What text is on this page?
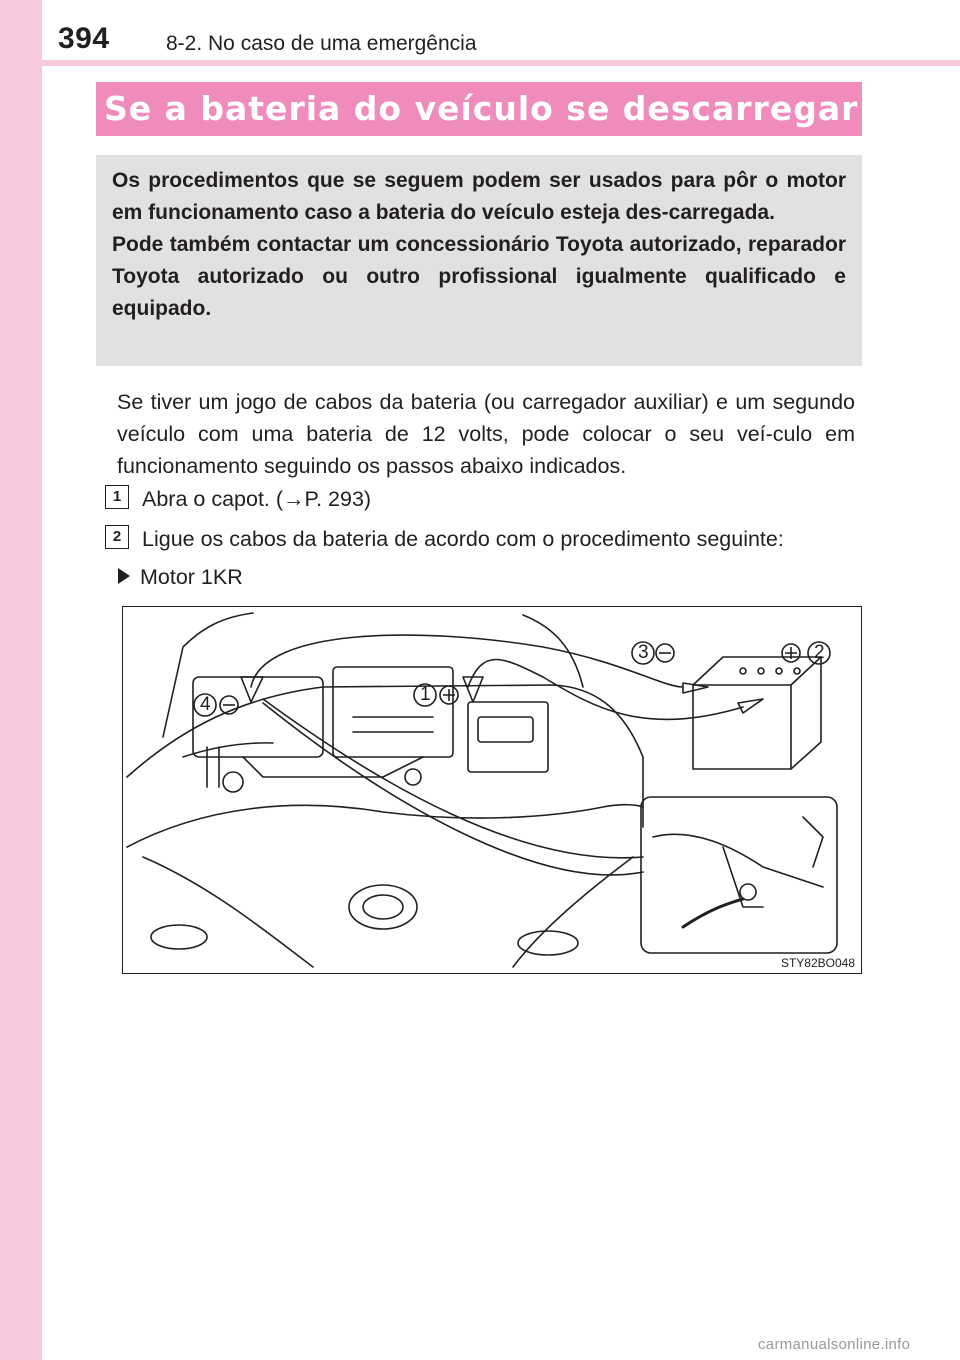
394	8-2. No caso de uma emergência
Se a bateria do veículo se descarregar

Os procedimentos que se seguem podem ser usados para pôr o motor em funcionamento caso a bateria do veículo esteja des-carregada.

Pode também contactar um concessionário Toyota autorizado, reparador Toyota autorizado ou outro profissional igualmente qualificado e equipado.

Se tiver um jogo de cabos da bateria (ou carregador auxiliar) e um segundo veículo com uma bateria de 12 volts, pode colocar o seu veí-culo em funcionamento seguindo os passos abaixo indicados.

1 Abra o capot. (→P. 293)
2 Ligue os cabos da bateria de acordo com o procedimento seguinte:
Motor 1KR
3	2
1
4
STY82BO048
carmanualsonline.info
